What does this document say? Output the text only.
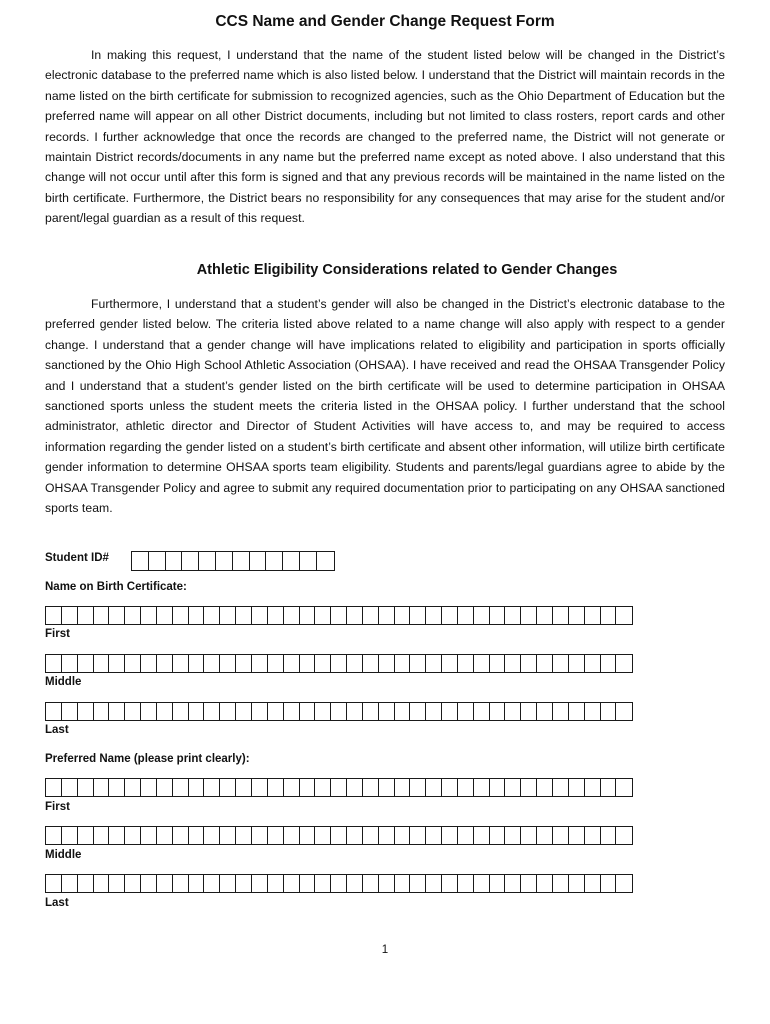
CCS Name and Gender Change Request Form

In making this request, I understand that the name of the student listed below will be changed in the District’s electronic database to the preferred name which is also listed below. I understand that the District will maintain records in the name listed on the birth certificate for submission to recognized agencies, such as the Ohio Department of Education but the preferred name will appear on all other District documents, including but not limited to class rosters, report cards and other records. I further acknowledge that once the records are changed to the preferred name, the District will not generate or maintain District records/documents in any name but the preferred name except as noted above. I also understand that this change will not occur until after this form is signed and that any previous records will be maintained in the name listed on the birth certificate. Furthermore, the District bears no responsibility for any consequences that may arise for the student and/or parent/legal guardian as a result of this request.

Athletic Eligibility Considerations related to Gender Changes

Furthermore, I understand that a student’s gender will also be changed in the District’s electronic database to the preferred gender listed below. The criteria listed above related to a name change will also apply with respect to a gender change. I understand that a gender change will have implications related to eligibility and participation in sports officially sanctioned by the Ohio High School Athletic Association (OHSAA). I have received and read the OHSAA Transgender Policy and I understand that a student’s gender listed on the birth certificate will be used to determine participation in OHSAA sanctioned sports unless the student meets the criteria listed in the OHSAA policy. I further understand that the school administrator, athletic director and Director of Student Activities will have access to, and may be required to access information regarding the gender listed on a student’s birth certificate and absent other information, will utilize birth certificate gender information to determine OHSAA sports team eligibility. Students and parents/legal guardians agree to abide by the OHSAA Transgender Policy and agree to submit any required documentation prior to participating on any OHSAA sanctioned sports team.

Student ID#
Name on Birth Certificate:
First
Middle
Last
Preferred Name (please print clearly):
First
Middle
Last
1
